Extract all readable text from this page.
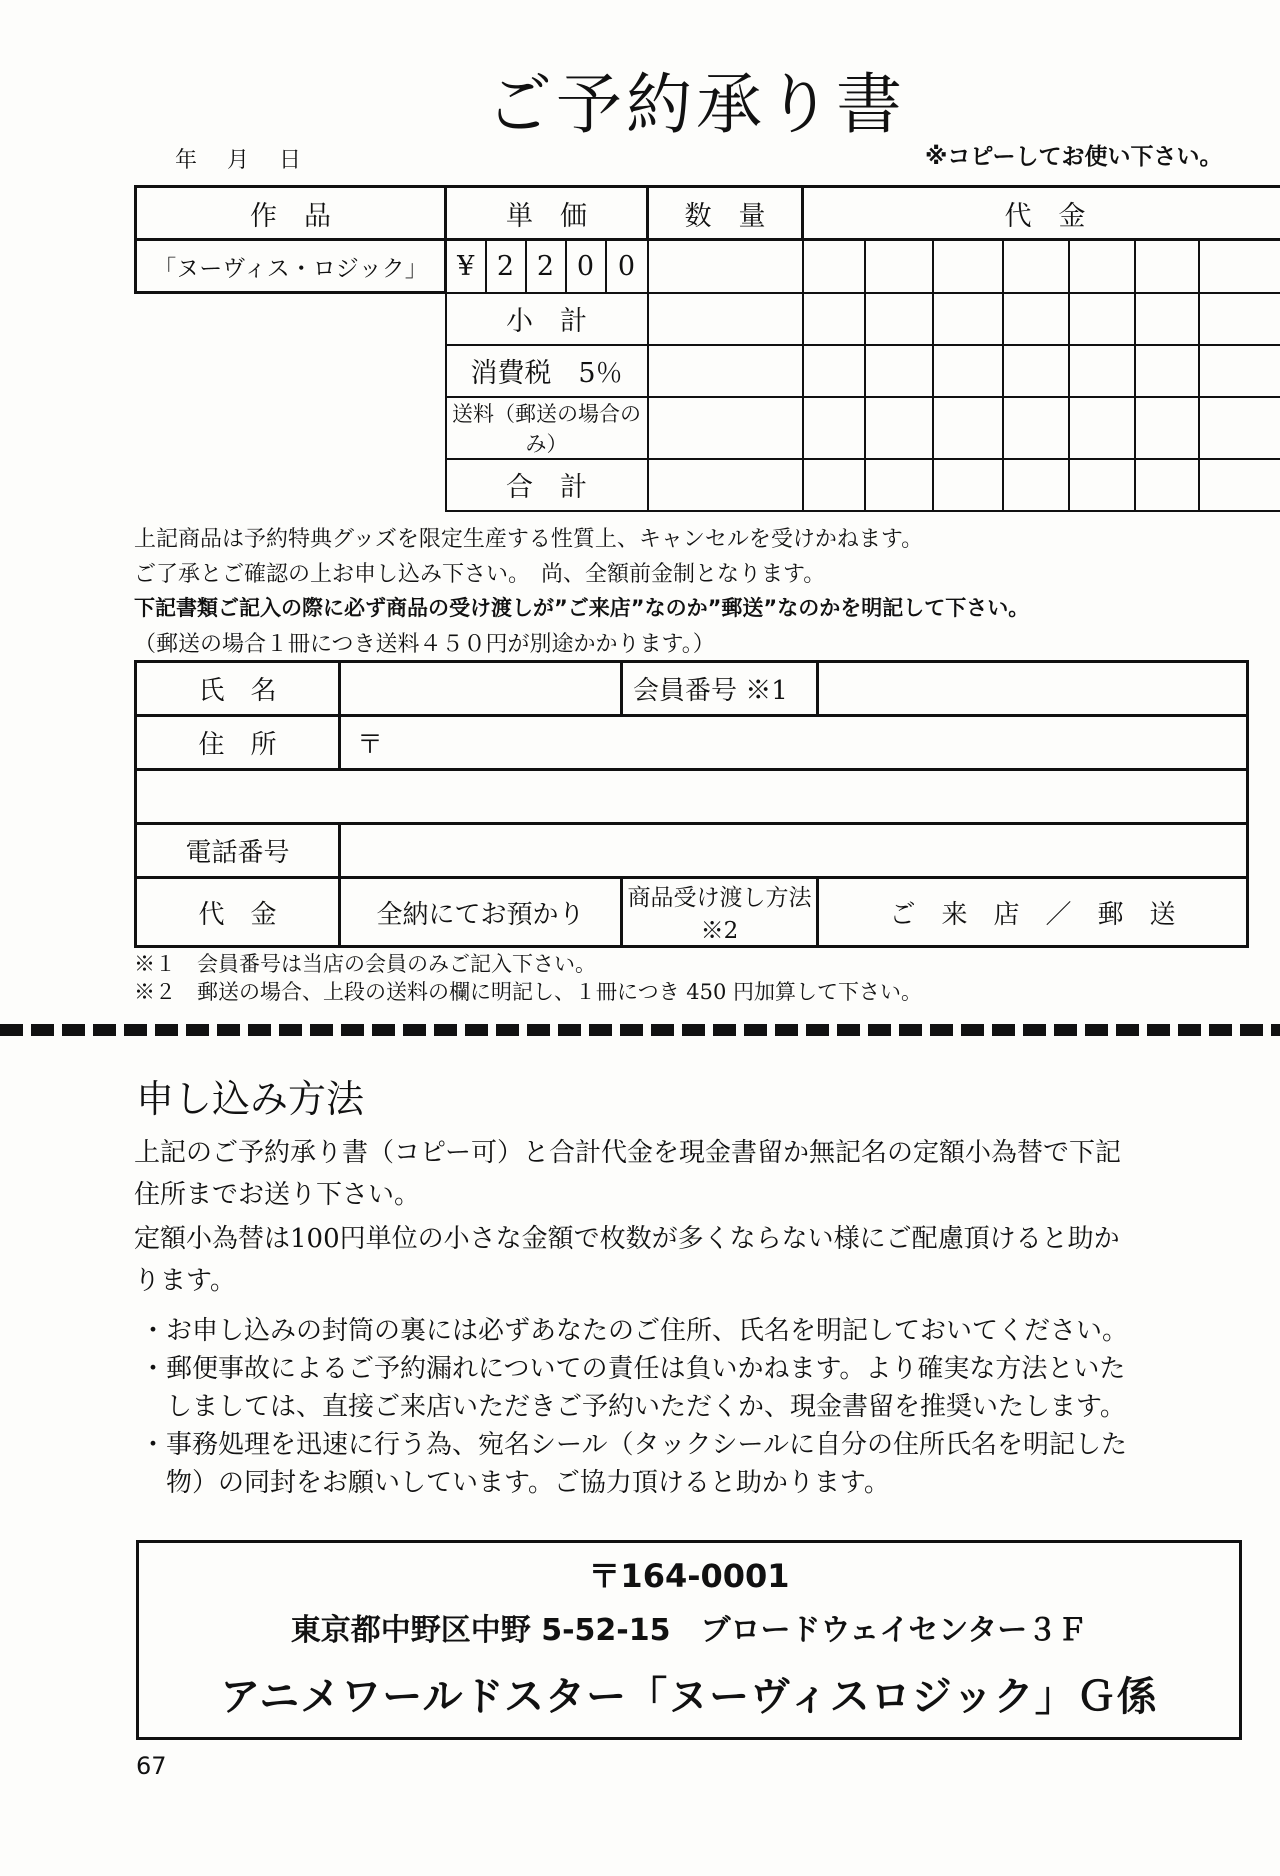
ご予約承り書
年 月 日	※コピーしてお使い下さい。
作　品	単　価					数　量	代　金						
「ヌーヴィス・ロジック」	¥	2	2	0	0								
	小　計												
	消費税　5％												
	送料（郵送の場合のみ）												
	合　計												
上記商品は予約特典グッズを限定生産する性質上、キャンセルを受けかねます。
ご了承とご確認の上お申し込み下さい。　尚、全額前金制となります。
下記書類ご記入の際に必ず商品の受け渡しが”ご来店”なのか”郵送”なのかを明記して下さい。
（郵送の場合１冊につき送料４５０円が別途かかります。）
氏　名		会員番号 ※1	
住　所	〒		

電話番号			
代　金	全納にてお預かり	商品受け渡し方法 ※2	ご　来　店　／　郵　送
※１　会員番号は当店の会員のみご記入下さい。
※２　郵送の場合、上段の送料の欄に明記し、１冊につき 450 円加算して下さい。
申し込み方法
上記のご予約承り書（コピー可）と合計代金を現金書留か無記名の定額小為替で下記
住所までお送り下さい。
定額小為替は100円単位の小さな金額で枚数が多くならない様にご配慮頂けると助か
ります。
・お申し込みの封筒の裏には必ずあなたのご住所、氏名を明記しておいてください。
・郵便事故によるご予約漏れについての責任は負いかねます。より確実な方法といた
　しましては、直接ご来店いただきご予約いただくか、現金書留を推奨いたします。
・事務処理を迅速に行う為、宛名シール（タックシールに自分の住所氏名を明記した
　物）の同封をお願いしています。ご協力頂けると助かります。
〒164-0001
東京都中野区中野 5-52-15　ブロードウェイセンター３Ｆ
アニメワールドスター「ヌーヴィスロジック」Ｇ係
67
